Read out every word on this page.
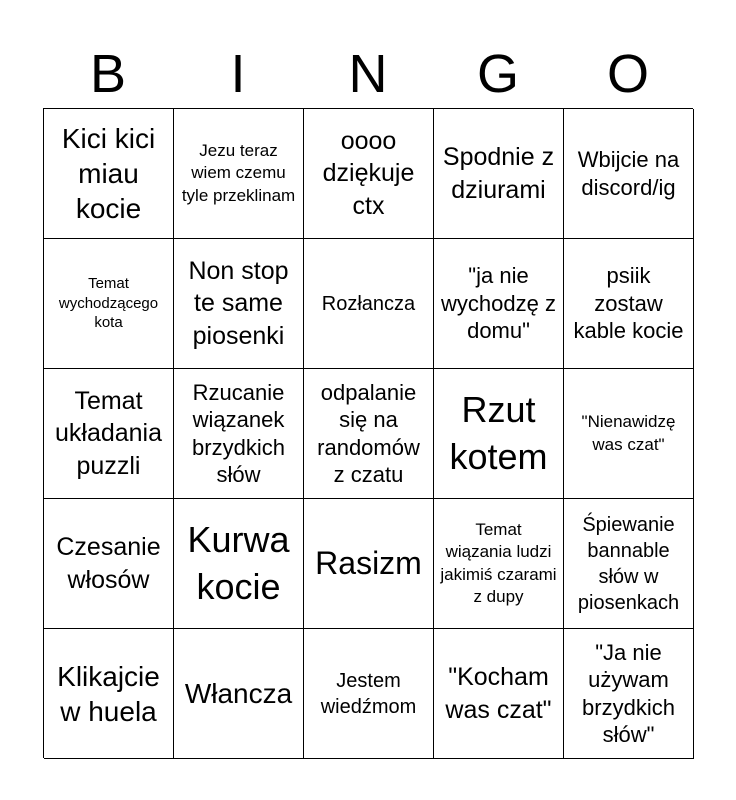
B	I	N	G	O
Kici kici miau kocie
Jezu teraz wiem czemu tyle przeklinam
oooo dziękuje ctx
Spodnie z dziurami
Wbijcie na discord/ig
Temat wychodzącego kota
Non stop te same piosenki
Rozłancza
"ja nie wychodzę z domu"
psiik zostaw kable kocie
Temat układania puzzli
Rzucanie wiązanek brzydkich słów
odpalanie się na randomów z czatu
Rzut kotem
"Nienawidzę was czat"
Czesanie włosów
Kurwa kocie
Rasizm
Temat wiązania ludzi jakimiś czarami z dupy
Śpiewanie bannable słów w piosenkach
Klikajcie w huela
Włancza	Jestem wiedźmom
"Kocham was czat"
"Ja nie używam brzydkich słów"
